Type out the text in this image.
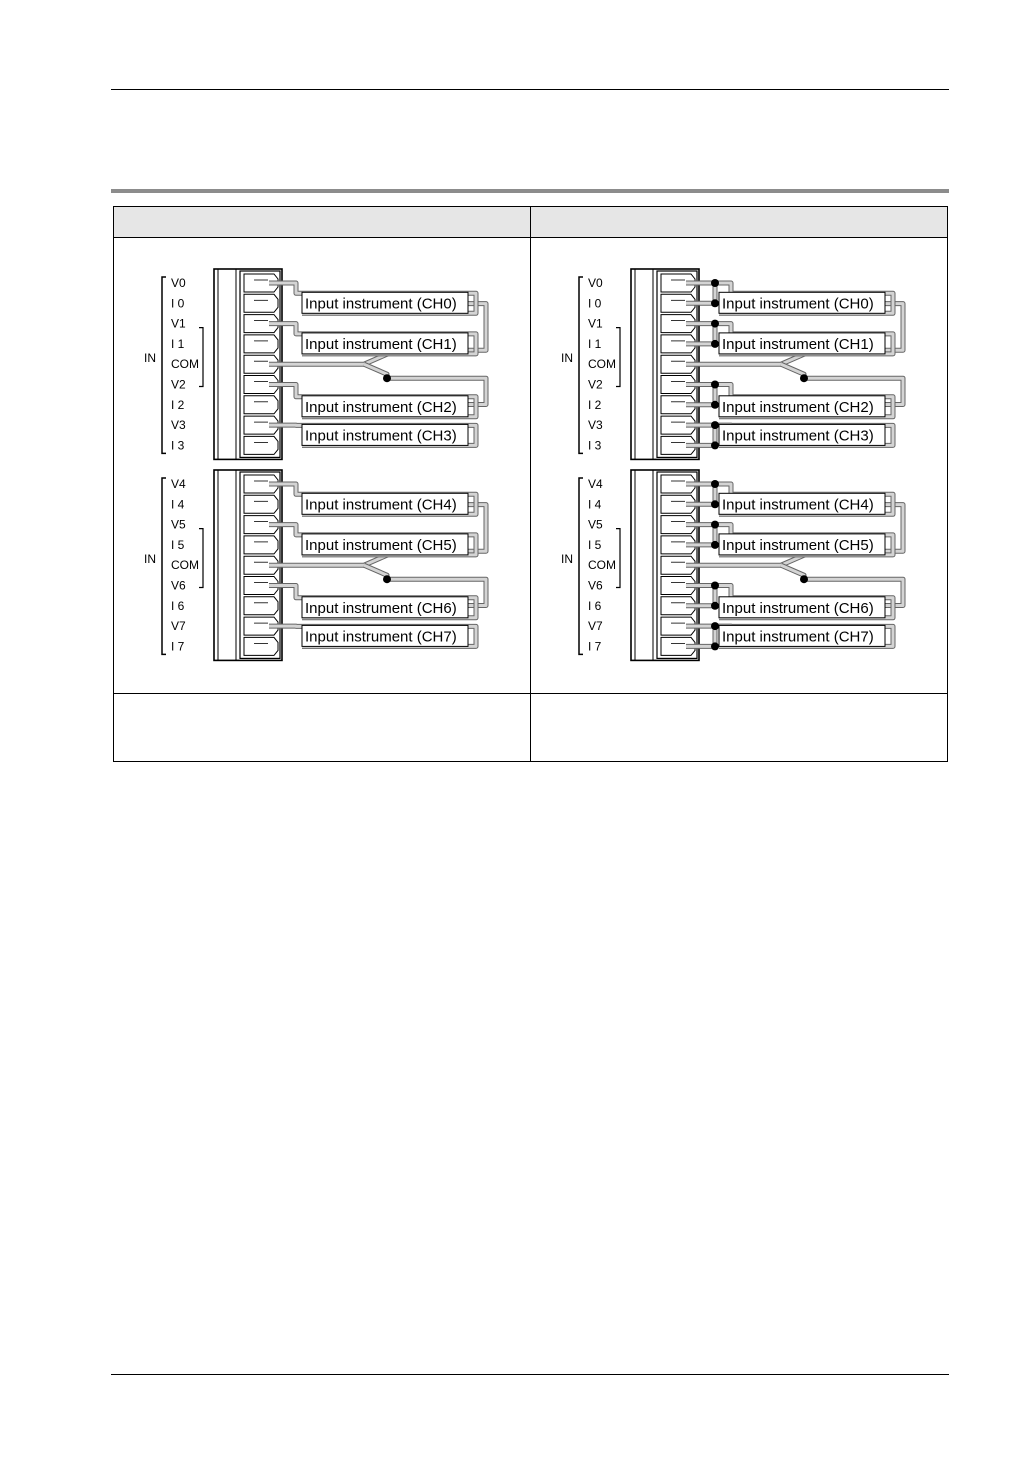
IN
V0
I 0
V1
I 1
COM
V2
I 2
V3
I 3
Input instrument (CH0)
Input instrument (CH1)
Input instrument (CH2)
Input instrument (CH3)
IN
V4
I 4
V5
I 5
COM
V6
I 6
V7
I 7
Input instrument (CH4)
Input instrument (CH5)
Input instrument (CH6)
Input instrument (CH7)
IN
V0
I 0
V1
I 1
COM
V2
I 2
V3
I 3
Input instrument (CH0)
Input instrument (CH1)
Input instrument (CH2)
Input instrument (CH3)
IN
V4
I 4
V5
I 5
COM
V6
I 6
V7
I 7
Input instrument (CH4)
Input instrument (CH5)
Input instrument (CH6)
Input instrument (CH7)
